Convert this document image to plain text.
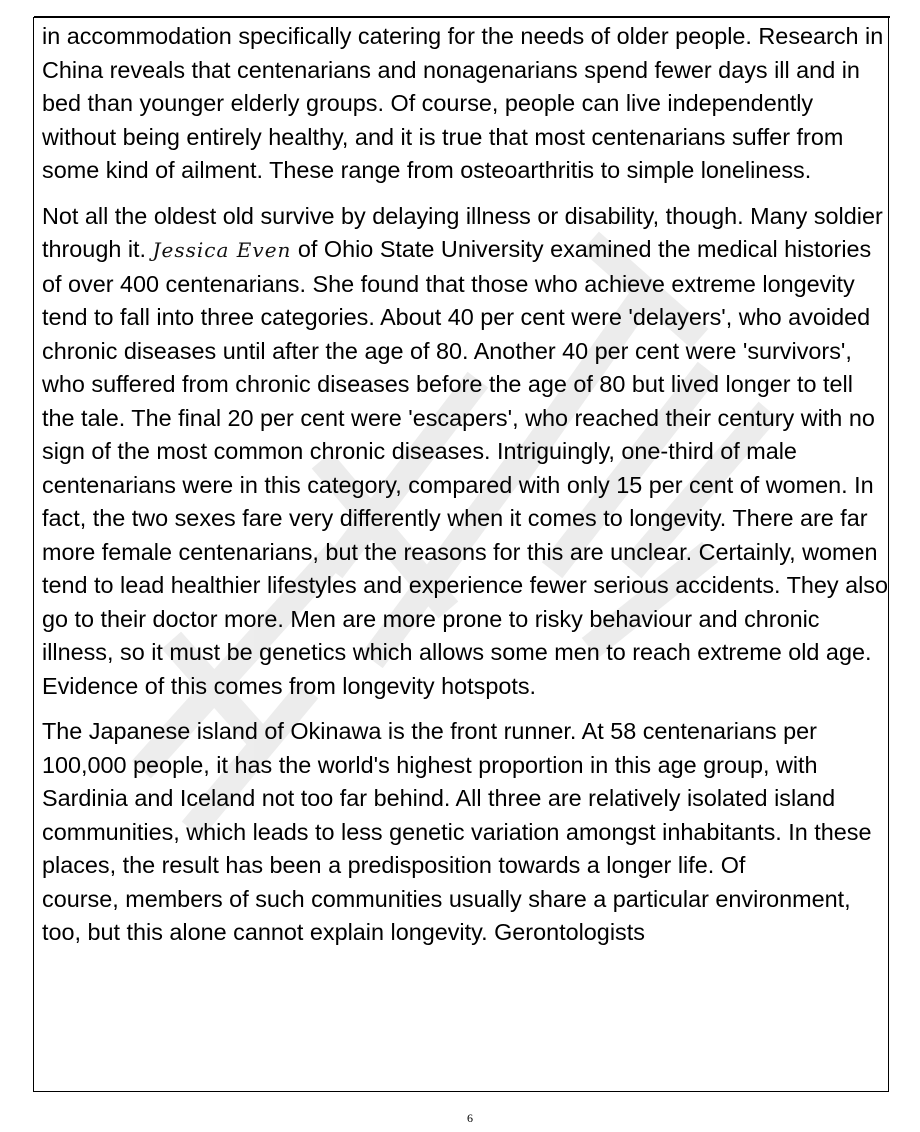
in accommodation specifically catering for the needs of older people. Research in China reveals that centenarians and nonagenarians spend fewer days ill and in bed than younger elderly groups. Of course, people can live independently without being entirely healthy, and it is true that most centenarians suffer from some kind of ailment. These range from osteoarthritis to simple loneliness.

Not all the oldest old survive by delaying illness or disability, though. Many soldier through it. Jessica Even of Ohio State University examined the medical histories of over 400 centenarians. She found that those who achieve extreme longevity tend to fall into three categories. About 40 per cent were 'delayers', who avoided chronic diseases until after the age of 80. Another 40 per cent were 'survivors', who suffered from chronic diseases before the age of 80 but lived longer to tell the tale. The final 20 per cent were 'escapers', who reached their century with no sign of the most common chronic diseases. Intriguingly, one-third of male centenarians were in this category, compared with only 15 per cent of women. In fact, the two sexes fare very differently when it comes to longevity. There are far more female centenarians, but the reasons for this are unclear. Certainly, women tend to lead healthier lifestyles and experience fewer serious accidents. They also go to their doctor more. Men are more prone to risky behaviour and chronic illness, so it must be genetics which allows some men to reach extreme old age. Evidence of this comes from longevity hotspots.

The Japanese island of Okinawa is the front runner. At 58 centenarians per 100,000 people, it has the world's highest proportion in this age group, with Sardinia and Iceland not too far behind. All three are relatively isolated island communities, which leads to less genetic variation amongst inhabitants. In these places, the result has been a predisposition towards a longer life. Of

course, members of such communities usually share a particular environment, too, but this alone cannot explain longevity. Gerontologists

6
